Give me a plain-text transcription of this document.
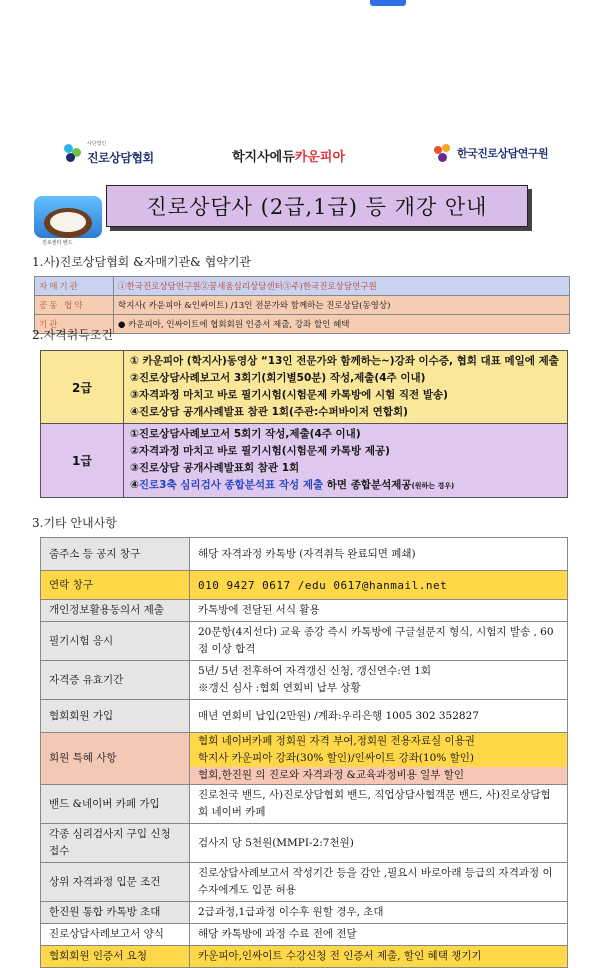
사단법인
진로상담협회	학지사에듀 카운피아	한국진로상담연구원
진로센터 밴드
진로상담사 (2급,1급) 등 개강 안내
1.사)진로상담협회 &자매기관& 협약기관
자매기관	①한국진로상담연구원②꿈세움심리상담센터③주)한국진로상담연구원
공동 협약	학지사( 카운피아 &인싸이트) /13인 전문가와 함께하는 진로상담(동영상)
기관	● 카운피아, 인싸이트에 협회회원 인증서 제출, 강좌 할인 혜택
2.자격취득조건
2급	① 카운피아 (학지사)동영상 “13인 전문가와 함께하는~)강좌 이수증, 협회 대표 메일에 제출
②진로상담사례보고서 3회기(회기별50분) 작성,제출(4주 이내)
③자격과정 마치고 바로 필기시험(시험문제 카톡방에 시험 직전 발송)
④진로상담 공개사례발표 참관 1회(주관:수퍼바이저 연합회)

1급	①진로상담사례보고서 5회기 작성,제출(4주 이내)
②자격과정 마치고 바로 필기시험(시험문제 카톡방 제공)
③진로상담 공개사례발표회 참관 1회
④진로3축 심리검사 종합분석표 작성 제출 하면 종합분석제공(원하는 경우)
3.기타 안내사항
줌주소 등 공지 창구	해당 자격과정 카톡방 (자격취득 완료되면 폐쇄)
연락 창구	010 9427 0617 /edu 0617@hanmail.net
개인정보활용동의서 제출	카톡방에 전달된 서식 활용
필기시험 응시	20문항(4지선다) 교육 종강 즉시 카톡방에 구글설문지 형식, 시험지 발송 , 60점 이상 합격
자격증 유효기간	5년/ 5년 전후하여 자격갱신 신청, 갱신연수:연 1회
※갱신 심사 :협회 연회비 납부 상황

협회회원 가입	매년 연회비 납입(2만원) /계좌:우리은행 1005 302 352827
회원 특혜 사항	협회 네이버카페 정회원 자격 부여,정회원 전용자료실 이용권
학지사 카운피아 강좌(30% 할인)/인싸이트 강좌(10% 할인)
협회,한진원 의 진로와 자격과정 &교육과정비용 일부 할인

밴드 &네이버 카페 가입	진로천국 밴드, 사)진로상담협회 밴드, 직업상담사협객문 밴드, 사)진로상담협회 네이버 카페
각종 심리검사지 구입 신청 접수	검사지 당 5천원(MMPI-2:7천원)
상위 자격과정 입문 조건	진로상담사례보고서 작성기간 등을 감안 ,필요시 바로아래 등급의 자격과정 이수자에게도 입문 허용
한진원 통합 카톡방 초대	2급과정,1급과정 이수후 원할 경우, 초대
진로상담사례보고서 양식	해당 카톡방에 과정 수료 전에 전달
협회회원 인증서 요청	카운피아,인싸이트 수강신청 전 인증서 제출, 할인 혜택 챙기기
